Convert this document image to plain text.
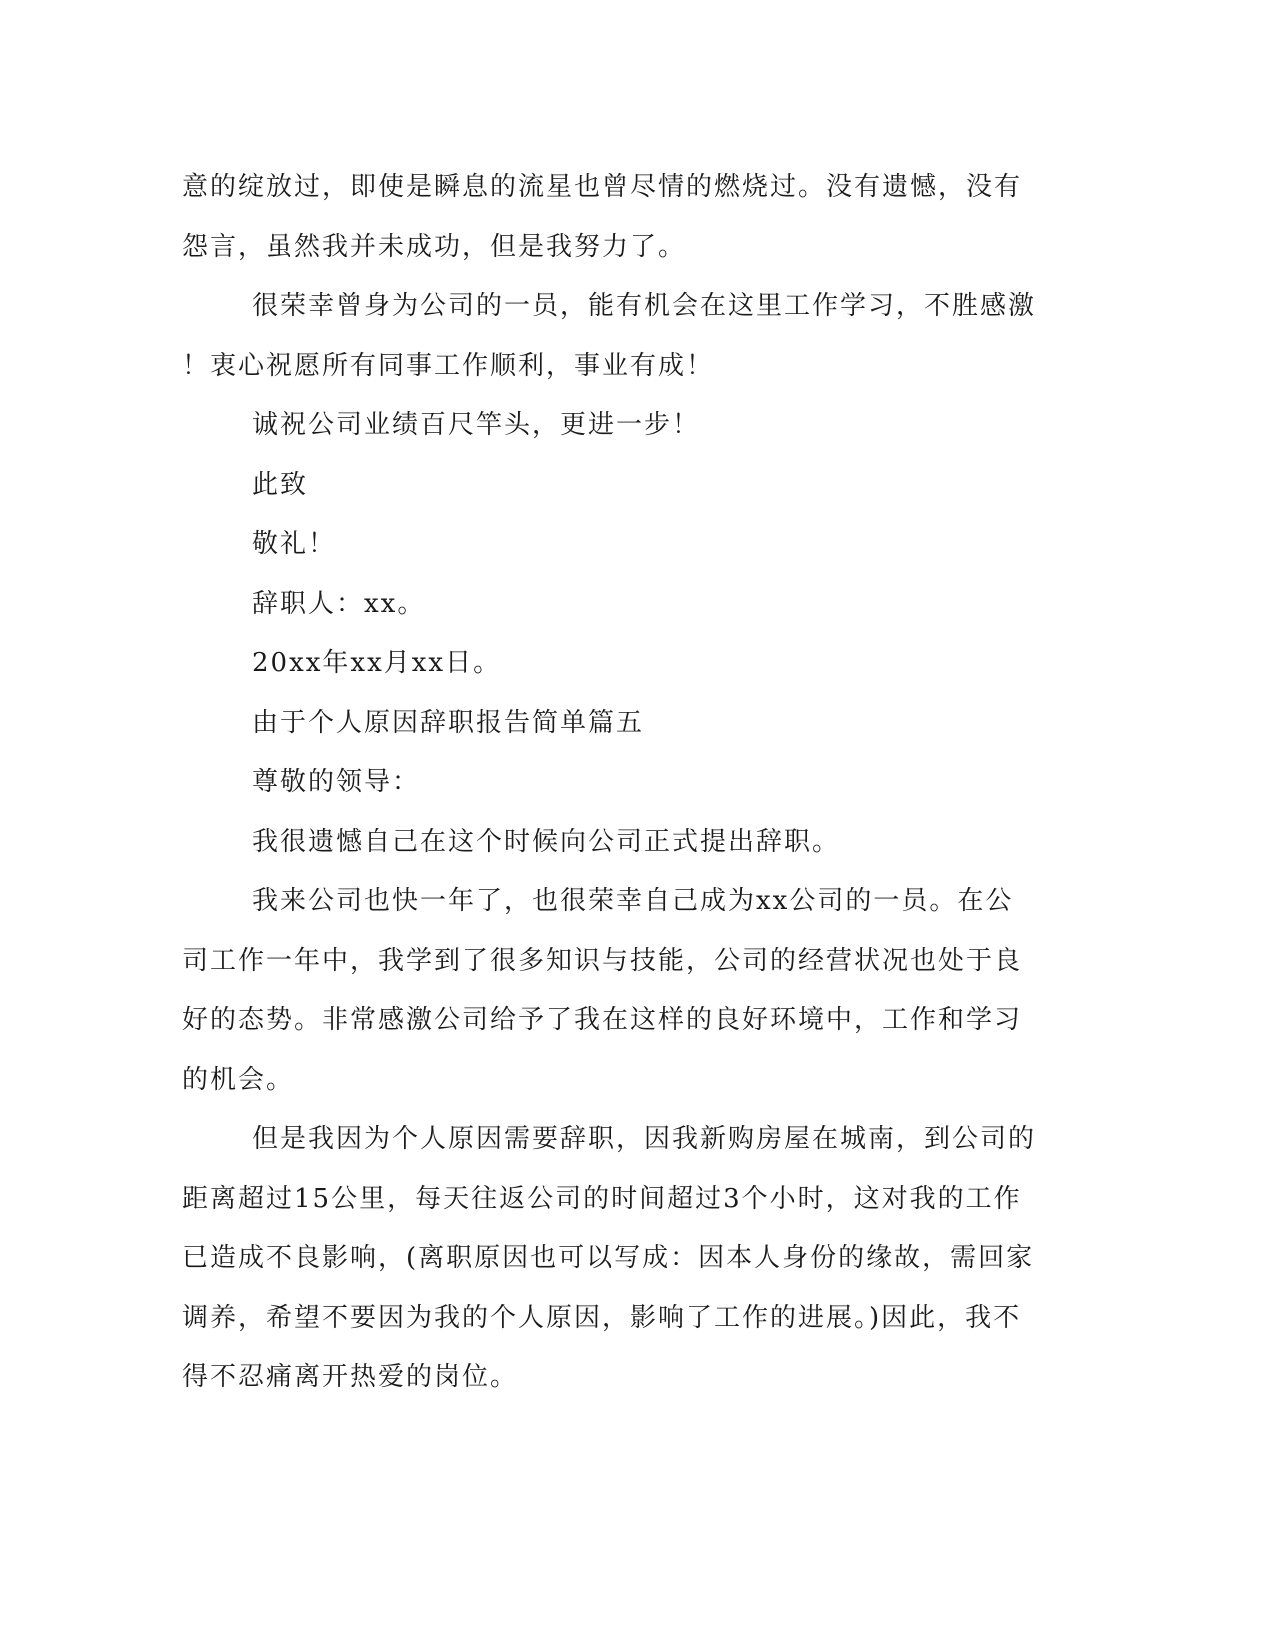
意的绽放过，即使是瞬息的流星也曾尽情的燃烧过。没有遗憾，没有

怨言，虽然我并未成功，但是我努力了。

很荣幸曾身为公司的一员，能有机会在这里工作学习，不胜感激

！衷心祝愿所有同事工作顺利，事业有成！

诚祝公司业绩百尺竿头，更进一步！

此致

敬礼！

辞职人：xx。

20xx年xx月xx日。

由于个人原因辞职报告简单篇五

尊敬的领导：

我很遗憾自己在这个时候向公司正式提出辞职。

我来公司也快一年了，也很荣幸自己成为xx公司的一员。在公

司工作一年中，我学到了很多知识与技能，公司的经营状况也处于良

好的态势。非常感激公司给予了我在这样的良好环境中，工作和学习

的机会。

但是我因为个人原因需要辞职，因我新购房屋在城南，到公司的

距离超过15公里，每天往返公司的时间超过3个小时，这对我的工作

已造成不良影响，(离职原因也可以写成：因本人身份的缘故，需回家

调养，希望不要因为我的个人原因，影响了工作的进展。)因此，我不

得不忍痛离开热爱的岗位。
